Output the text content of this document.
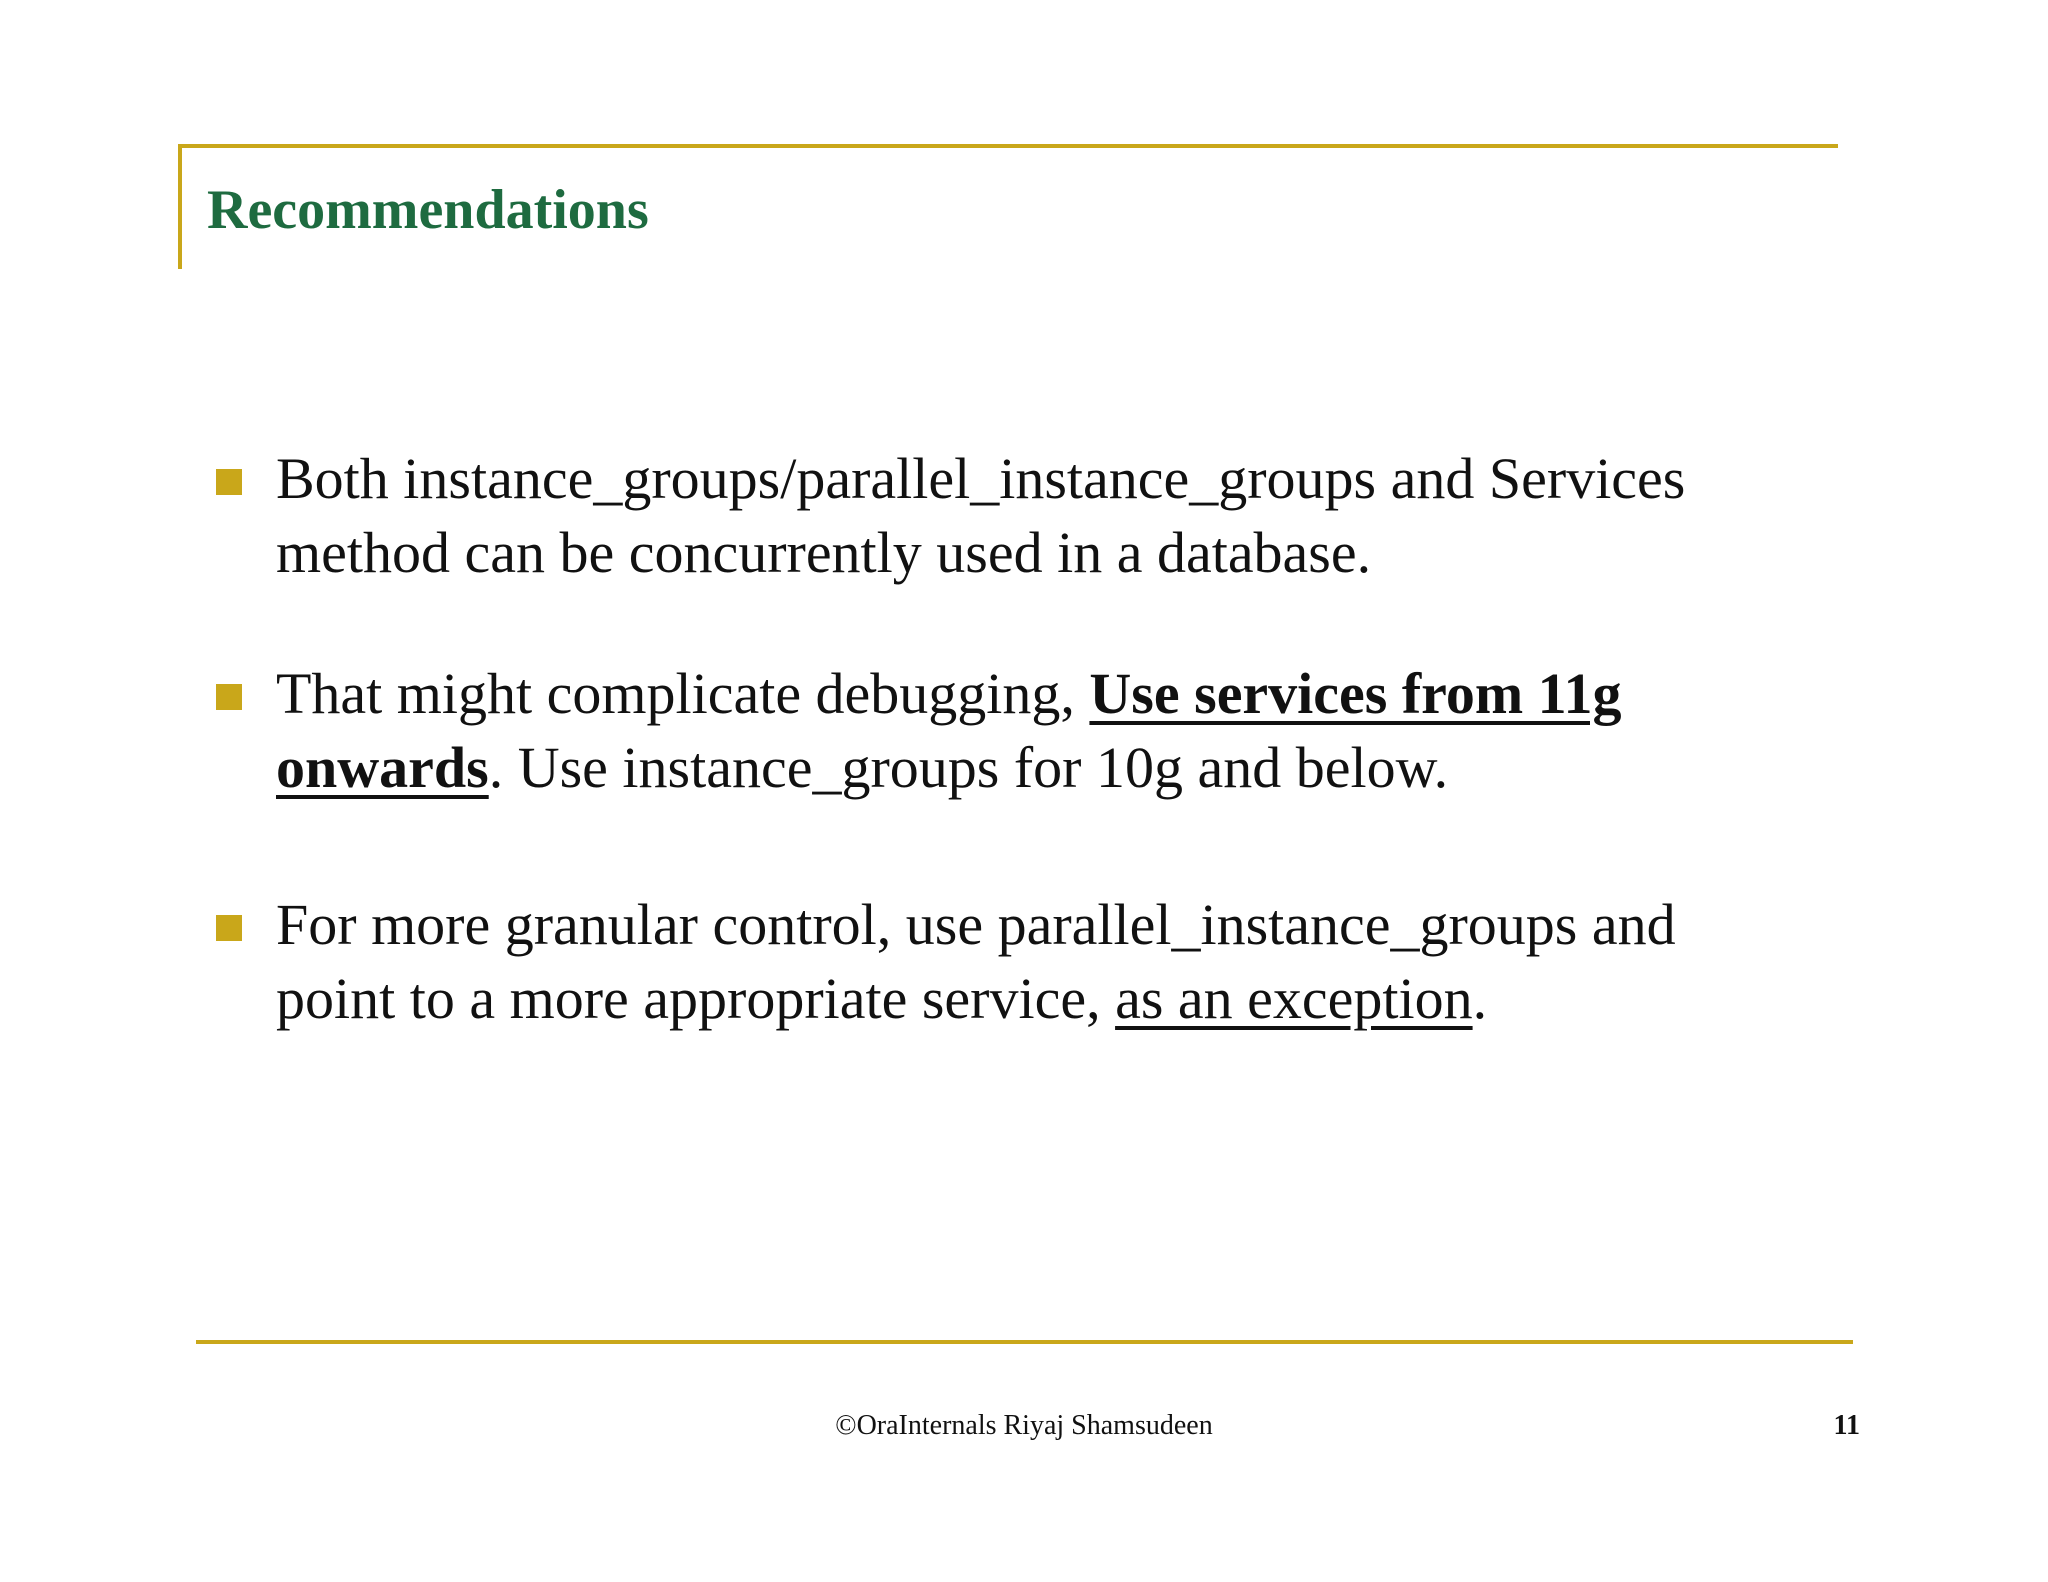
Recommendations
Both instance_groups/parallel_instance_groups and Services method can be concurrently used in a database.
That might complicate debugging, Use services from 11g onwards. Use instance_groups for 10g and below.
For more granular control, use parallel_instance_groups and point to a more appropriate service, as an exception.
©OraInternals Riyaj Shamsudeen	11
